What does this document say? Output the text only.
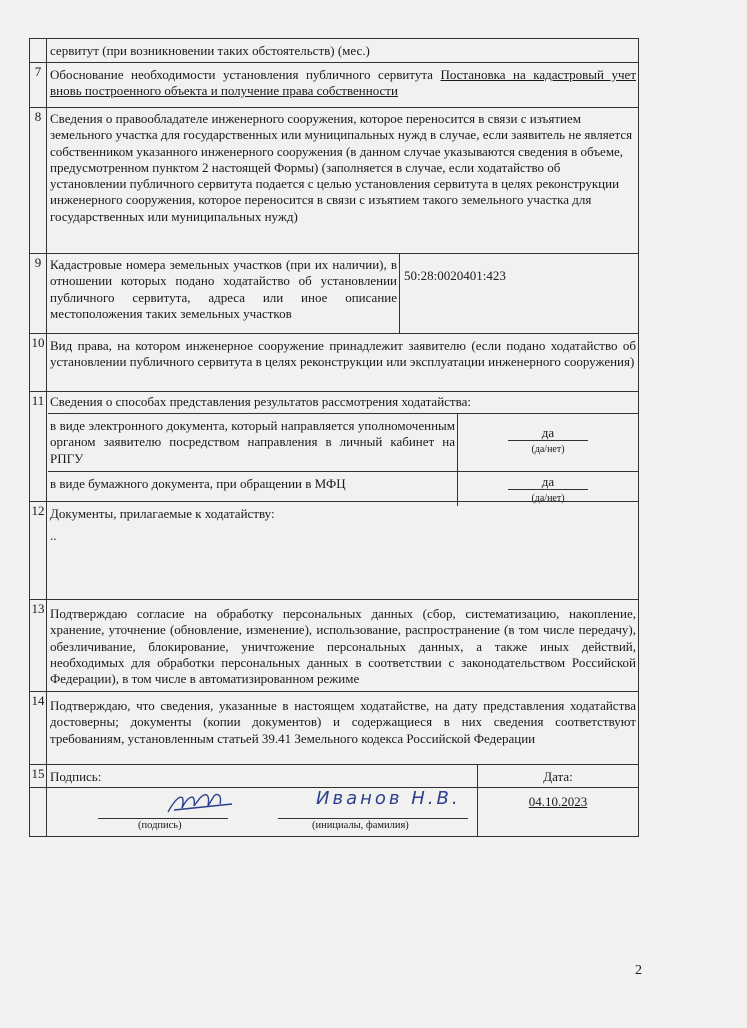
сервитут (при возникновении таких обстоятельств) (мес.)
7 Обоснование необходимости установления публичного сервитута Постановка на кадастровый учет вновь построенного объекта и получение права собственности
8 Сведения о правообладателе инженерного сооружения, которое переносится в связи с изъятием земельного участка для государственных или муниципальных нужд в случае, если заявитель не является собственником указанного инженерного сооружения (в данном случае указываются сведения в объеме, предусмотренном пунктом 2 настоящей Формы) (заполняется в случае, если ходатайство об установлении публичного сервитута подается с целью установления сервитута в целях реконструкции инженерного сооружения, которое переносится в связи с изъятием такого земельного участка для государственных или муниципальных нужд)
9 Кадастровые номера земельных участков (при их наличии), в отношении которых подано ходатайство об установлении публичного сервитута, адреса или иное описание местоположения таких земельных участков
50:28:0020401:423
10 Вид права, на котором инженерное сооружение принадлежит заявителю (если подано ходатайство об установлении публичного сервитута в целях реконструкции или эксплуатации инженерного сооружения)
11 Сведения о способах представления результатов рассмотрения ходатайства:
в виде электронного документа, который направляется уполномоченным органом заявителю посредством направления в личный кабинет на РПГУ
да
(да/нет)
в виде бумажного документа, при обращении в МФЦ	да
(да/нет)
12 Документы, прилагаемые к ходатайству:
..
13 Подтверждаю согласие на обработку персональных данных (сбор, систематизацию, накопление, хранение, уточнение (обновление, изменение), использование, распространение (в том числе передачу), обезличивание, блокирование, уничтожение персональных данных, а также иных действий, необходимых для обработки персональных данных в соответствии с законодательством Российской Федерации), в том числе в автоматизированном режиме
14 Подтверждаю, что сведения, указанные в настоящем ходатайстве, на дату представления ходатайства достоверны; документы (копии документов) и содержащиеся в них сведения соответствуют требованиям, установленным статьей 39.41 Земельного кодекса Российской Федерации
15 Подпись:	Дата:
(подпись)
Иванов Н.В.
(инициалы, фамилия)
04.10.2023
2
